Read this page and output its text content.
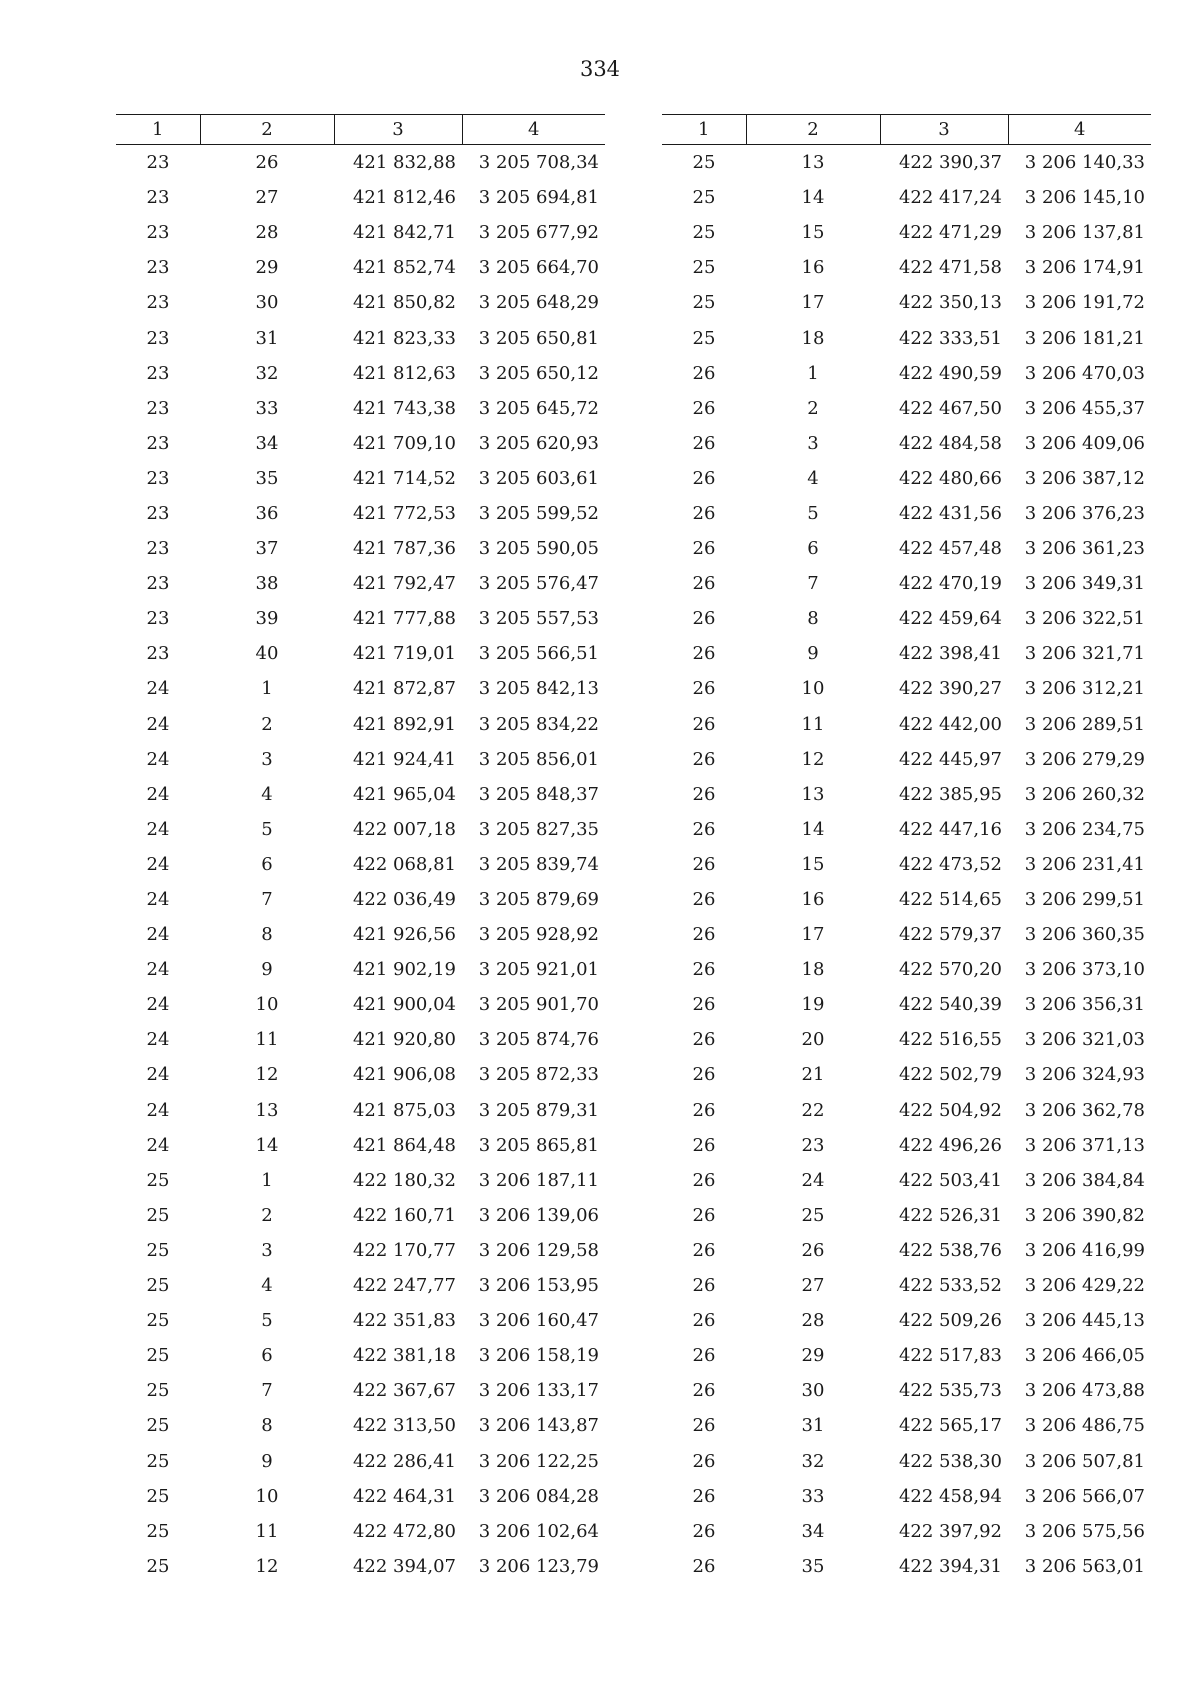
334
1	2	3	4
23	26	421 832,88	3 205 708,34
23	27	421 812,46	3 205 694,81
23	28	421 842,71	3 205 677,92
23	29	421 852,74	3 205 664,70
23	30	421 850,82	3 205 648,29
23	31	421 823,33	3 205 650,81
23	32	421 812,63	3 205 650,12
23	33	421 743,38	3 205 645,72
23	34	421 709,10	3 205 620,93
23	35	421 714,52	3 205 603,61
23	36	421 772,53	3 205 599,52
23	37	421 787,36	3 205 590,05
23	38	421 792,47	3 205 576,47
23	39	421 777,88	3 205 557,53
23	40	421 719,01	3 205 566,51
24	1	421 872,87	3 205 842,13
24	2	421 892,91	3 205 834,22
24	3	421 924,41	3 205 856,01
24	4	421 965,04	3 205 848,37
24	5	422 007,18	3 205 827,35
24	6	422 068,81	3 205 839,74
24	7	422 036,49	3 205 879,69
24	8	421 926,56	3 205 928,92
24	9	421 902,19	3 205 921,01
24	10	421 900,04	3 205 901,70
24	11	421 920,80	3 205 874,76
24	12	421 906,08	3 205 872,33
24	13	421 875,03	3 205 879,31
24	14	421 864,48	3 205 865,81
25	1	422 180,32	3 206 187,11
25	2	422 160,71	3 206 139,06
25	3	422 170,77	3 206 129,58
25	4	422 247,77	3 206 153,95
25	5	422 351,83	3 206 160,47
25	6	422 381,18	3 206 158,19
25	7	422 367,67	3 206 133,17
25	8	422 313,50	3 206 143,87
25	9	422 286,41	3 206 122,25
25	10	422 464,31	3 206 084,28
25	11	422 472,80	3 206 102,64
25	12	422 394,07	3 206 123,79
1	2	3	4
25	13	422 390,37	3 206 140,33
25	14	422 417,24	3 206 145,10
25	15	422 471,29	3 206 137,81
25	16	422 471,58	3 206 174,91
25	17	422 350,13	3 206 191,72
25	18	422 333,51	3 206 181,21
26	1	422 490,59	3 206 470,03
26	2	422 467,50	3 206 455,37
26	3	422 484,58	3 206 409,06
26	4	422 480,66	3 206 387,12
26	5	422 431,56	3 206 376,23
26	6	422 457,48	3 206 361,23
26	7	422 470,19	3 206 349,31
26	8	422 459,64	3 206 322,51
26	9	422 398,41	3 206 321,71
26	10	422 390,27	3 206 312,21
26	11	422 442,00	3 206 289,51
26	12	422 445,97	3 206 279,29
26	13	422 385,95	3 206 260,32
26	14	422 447,16	3 206 234,75
26	15	422 473,52	3 206 231,41
26	16	422 514,65	3 206 299,51
26	17	422 579,37	3 206 360,35
26	18	422 570,20	3 206 373,10
26	19	422 540,39	3 206 356,31
26	20	422 516,55	3 206 321,03
26	21	422 502,79	3 206 324,93
26	22	422 504,92	3 206 362,78
26	23	422 496,26	3 206 371,13
26	24	422 503,41	3 206 384,84
26	25	422 526,31	3 206 390,82
26	26	422 538,76	3 206 416,99
26	27	422 533,52	3 206 429,22
26	28	422 509,26	3 206 445,13
26	29	422 517,83	3 206 466,05
26	30	422 535,73	3 206 473,88
26	31	422 565,17	3 206 486,75
26	32	422 538,30	3 206 507,81
26	33	422 458,94	3 206 566,07
26	34	422 397,92	3 206 575,56
26	35	422 394,31	3 206 563,01
